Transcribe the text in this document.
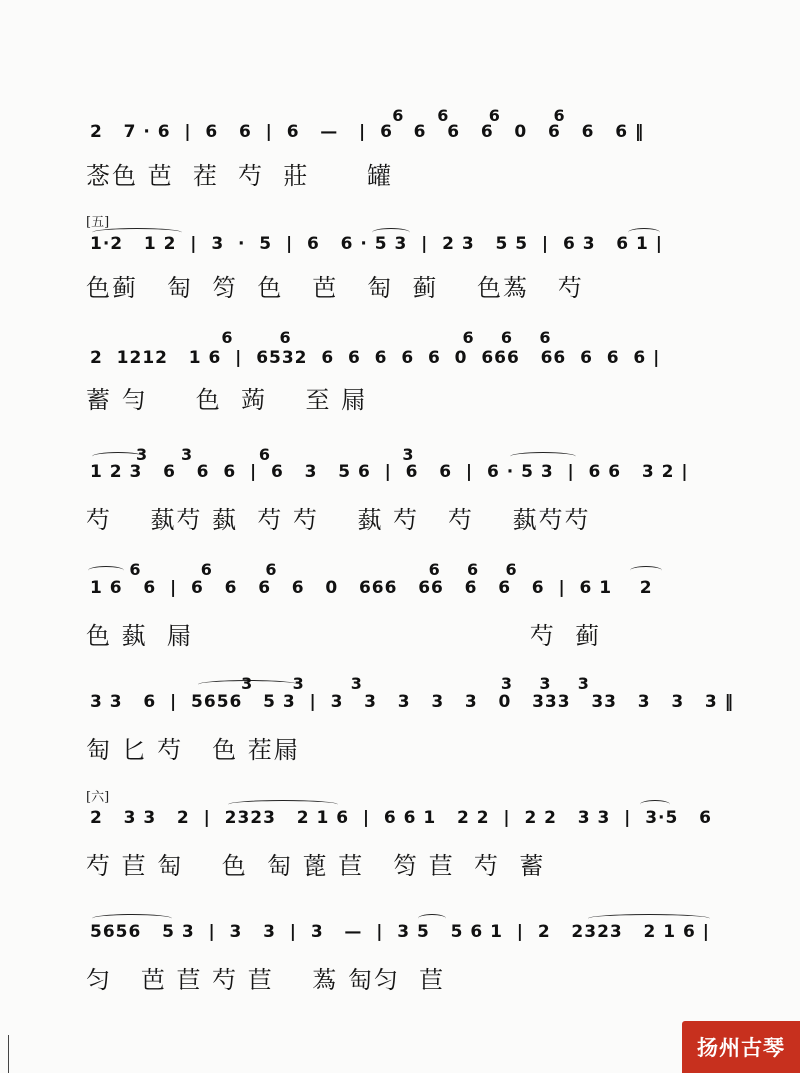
6     6      6        6
2   7 · 6  |  6   6  |  6   —   |  6   6   6   6   0   6   6   6 ‖
菍色 芭  茬  芍  莊      罐
[五]
1·2   1 2  |  3  ·  5  |  6   6 · 5 3  |  2 3   5 5  |  6 3   6 1 |
色蓟   匋  笉  色   芭   匋  蓟    色蒍   芍
6       6                          6    6    6
2  1212   1 6  |  6532  6  6  6  6  6  0  666   66  6  6  6 |
蓄 勻     色  蒟    至 屚
3     3          6                    3
1 2 3   6   6  6  |  6   3   5 6  |  6   6  |  6 · 5 3  |  6 6   3 2 |
芍    蓺芍 蓺  芍 芍    蓺 芍   芍    蓺芍芍
6         6        6                       6    6    6
1 6   6  |  6   6   6   6   0   666   66   6   6   6  |  6 1    2
色 蓺  屚                                   芍  蓟
3      3       3                     3    3    3
3 3   6  |  5656   5 3  |  3   3   3   3   3   0   333   33   3   3   3 ‖
匋 匕 芍   色 茬屚
[六]
2   3 3   2  |  2323   2 1 6  |  6 6 1   2 2  |  2 2   3 3  |  3·5   6
芍 苣 匋    色  匋 蓖 苣   笉 苣  芍  蓄
5656   5 3  |  3   3  |  3   —  |  3 5   5 6 1  |  2   2323   2 1 6 |
匀   芭 苣 芍 苣    蒍 匋匀  苣
扬州古琴
